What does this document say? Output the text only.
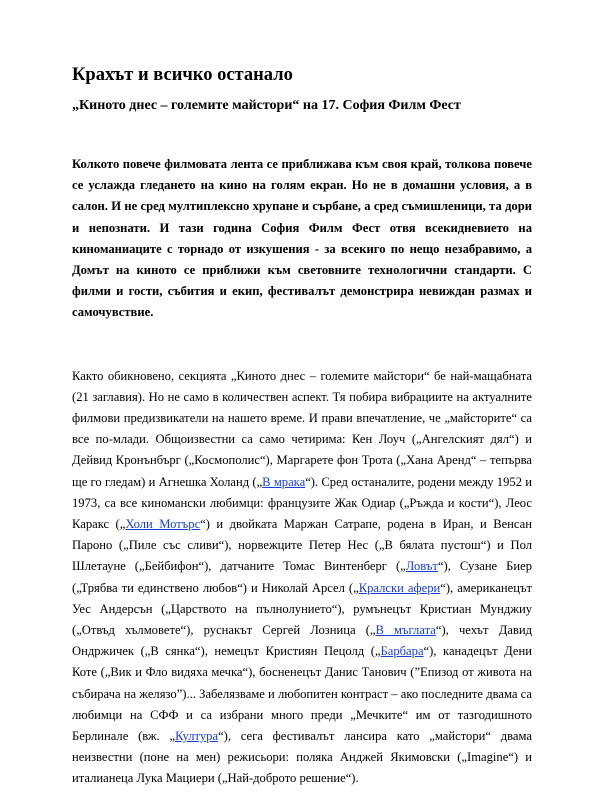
Крахът и всичко останало
„Киното днес – големите майстори“ на 17. София Филм Фест

Колкото повече филмовата лента се приближава към своя край, толкова повече се услажда гледането на кино на голям екран. Но не в домашни условия, а в салон. И не сред мултиплексно хрупане и сърбане, а сред съмишленици, та дори и непознати. И тази година София Филм Фест отвя всекидневието на киноманиаците с торнадо от изкушения - за всекиго по нещо незабравимо, а Домът на киното се приближи към световните технологични стандарти. С филми и гости, събития и екип, фестивалът демонстрира невиждан размах и самочувствие.

Както обикновено, секцията „Киното днес – големите майстори“ бе най-мащабната (21 заглавия). Но не само в количествен аспект. Тя побира вибрациите на актуалните филмови предизвикатели на нашето време. И прави впечатление, че „майсторите“ са все по-млади. Общоизвестни са само четирима: Кен Лоуч („Ангелският дял“) и Дейвид Кронънбърг („Космополис“), Маргарете фон Трота („Хана Аренд“ – тепърва ще го гледам) и Агнешка Холанд („В мрака“). Сред останалите, родени между 1952 и 1973, са все киномански любимци: французите Жак Одиар („Ръжда и кости“), Леос Каракс („Холи Мотърс“) и двойката Маржан Сатрапе, родена в Иран, и Венсан Пароно („Пиле със сливи“), норвежците Петер Нес („В бялата пустош“) и Пол Шлетауне („Бейбифон“), датчаните Томас Винтенберг („Ловът“), Сузане Биер („Трябва ти единствено любов“) и Николай Арсел („Кралски афери“), американецът Уес Андерсън („Царството на пълнолунието“), румънецът Кристиан Мунджиу („Отвъд хълмовете“), руснакът Сергей Лозница („В мъглата“), чехът Давид Ондржичек („В сянка“), немецът Кристиян Пецолд („Барбара“), канадецът Дени Коте („Вик и Фло видяха мечка“), босненецът Данис Танович (”Епизод от живота на събирача на желязо”)... Забелязваме и любопитен контраст – ако последните двама са любимци на СФФ и са избрани много преди „Мечките“ им от тазгодишното Берлинале (вж. „Култура“), сега фестивалът лансира като „майстори“ двама неизвестни (поне на мен) режисьори: поляка Анджей Якимовски („Imagine“) и италианеца Лука Мациери („Най-доброто решение“).
